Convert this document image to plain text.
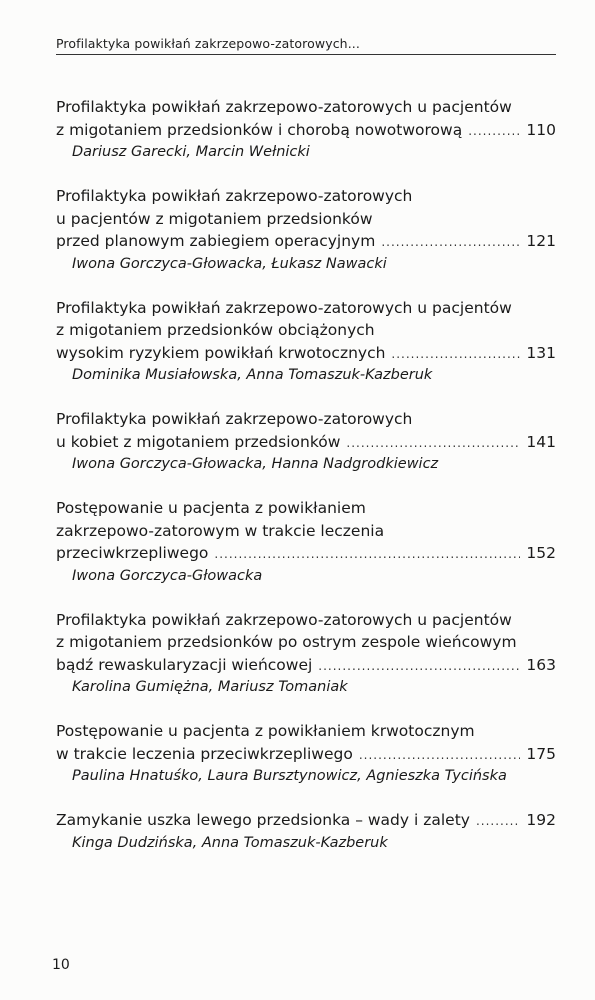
Profilaktyka powikłań zakrzepowo-zatorowych...
Profilaktyka powikłań zakrzepowo-zatorowych u pacjentów
z migotaniem przedsionków i chorobą nowotworową .....	110
Dariusz Garecki, Marcin Wełnicki
Profilaktyka powikłań zakrzepowo-zatorowych
u pacjentów z migotaniem przedsionków
przed planowym zabiegiem operacyjnym .....	121
Iwona Gorczyca-Głowacka, Łukasz Nawacki
Profilaktyka powikłań zakrzepowo-zatorowych u pacjentów
z migotaniem przedsionków obciążonych
wysokim ryzykiem powikłań krwotocznych .....	131
Dominika Musiałowska, Anna Tomaszuk-Kazberuk
Profilaktyka powikłań zakrzepowo-zatorowych
u kobiet z migotaniem przedsionków .....	141
Iwona Gorczyca-Głowacka, Hanna Nadgrodkiewicz
Postępowanie u pacjenta z powikłaniem
zakrzepowo-zatorowym w trakcie leczenia
przeciwkrzepliwego .....	152
Iwona Gorczyca-Głowacka
Profilaktyka powikłań zakrzepowo-zatorowych u pacjentów
z migotaniem przedsionków po ostrym zespole wieńcowym
bądź rewaskularyzacji wieńcowej .....	163
Karolina Gumiężna, Mariusz Tomaniak
Postępowanie u pacjenta z powikłaniem krwotocznym
w trakcie leczenia przeciwkrzepliwego .....	175
Paulina Hnatuśko, Laura Bursztynowicz, Agnieszka Tycińska
Zamykanie uszka lewego przedsionka – wady i zalety .....	192
Kinga Dudzińska, Anna Tomaszuk-Kazberuk
10
